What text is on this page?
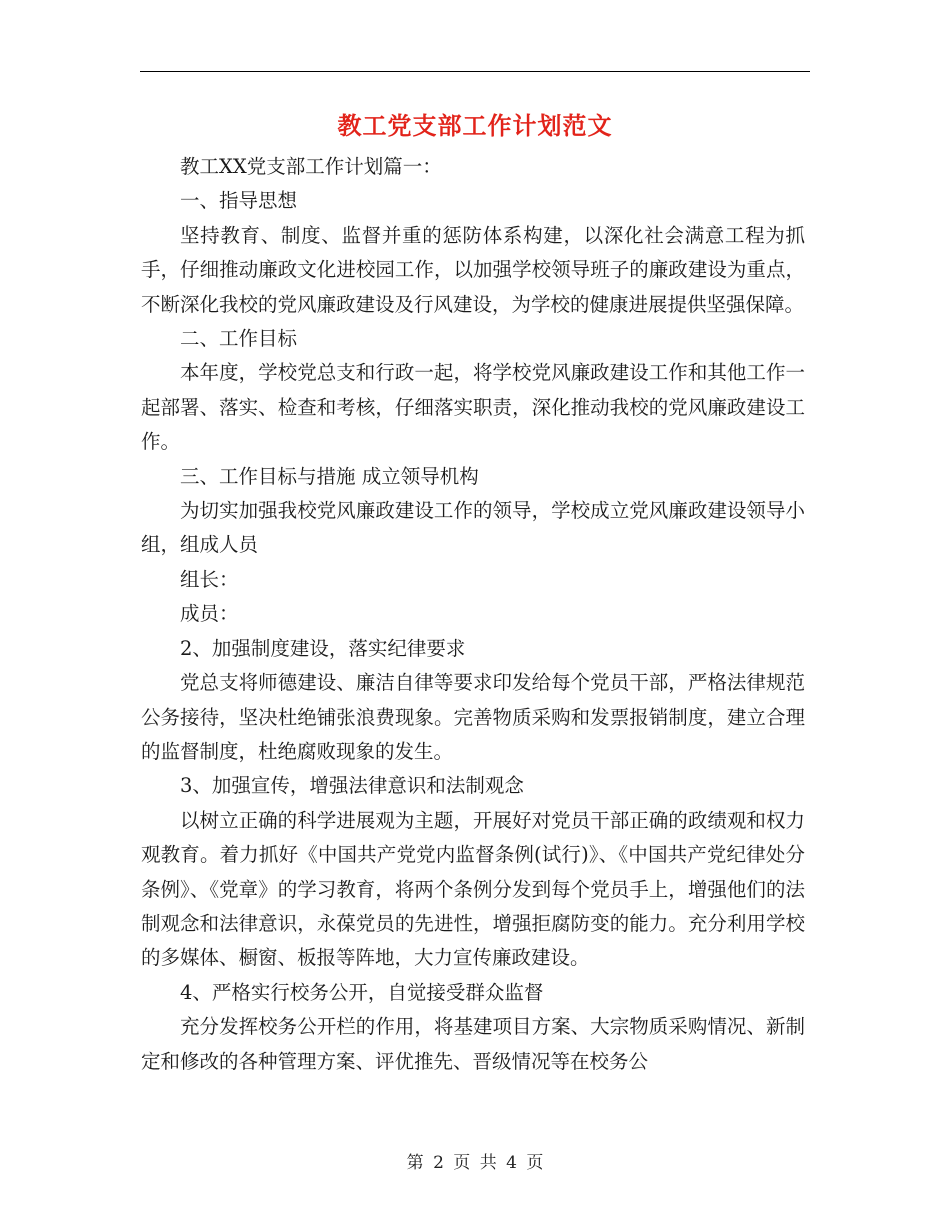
教工党支部工作计划范文

教工XX党支部工作计划篇一：

一、指导思想

坚持教育、制度、监督并重的惩防体系构建，以深化社会满意工程为抓手，仔细推动廉政文化进校园工作，以加强学校领导班子的廉政建设为重点，不断深化我校的党风廉政建设及行风建设，为学校的健康进展提供坚强保障。

二、工作目标

本年度，学校党总支和行政一起，将学校党风廉政建设工作和其他工作一起部署、落实、检查和考核，仔细落实职责，深化推动我校的党风廉政建设工作。

三、工作目标与措施 成立领导机构

为切实加强我校党风廉政建设工作的领导，学校成立党风廉政建设领导小组，组成人员

组长：

成员：

2、加强制度建设，落实纪律要求

党总支将师德建设、廉洁自律等要求印发给每个党员干部，严格法律规范公务接待，坚决杜绝铺张浪费现象。完善物质采购和发票报销制度，建立合理的监督制度，杜绝腐败现象的发生。

3、加强宣传，增强法律意识和法制观念

以树立正确的科学进展观为主题，开展好对党员干部正确的政绩观和权力观教育。着力抓好《中国共产党党内监督条例(试行)》、《中国共产党纪律处分条例》、《党章》的学习教育，将两个条例分发到每个党员手上，增强他们的法制观念和法律意识，永葆党员的先进性，增强拒腐防变的能力。充分利用学校的多媒体、橱窗、板报等阵地，大力宣传廉政建设。

4、严格实行校务公开，自觉接受群众监督

充分发挥校务公开栏的作用，将基建项目方案、大宗物质采购情况、新制定和修改的各种管理方案、评优推先、晋级情况等在校务公

第 2 页 共 4 页
